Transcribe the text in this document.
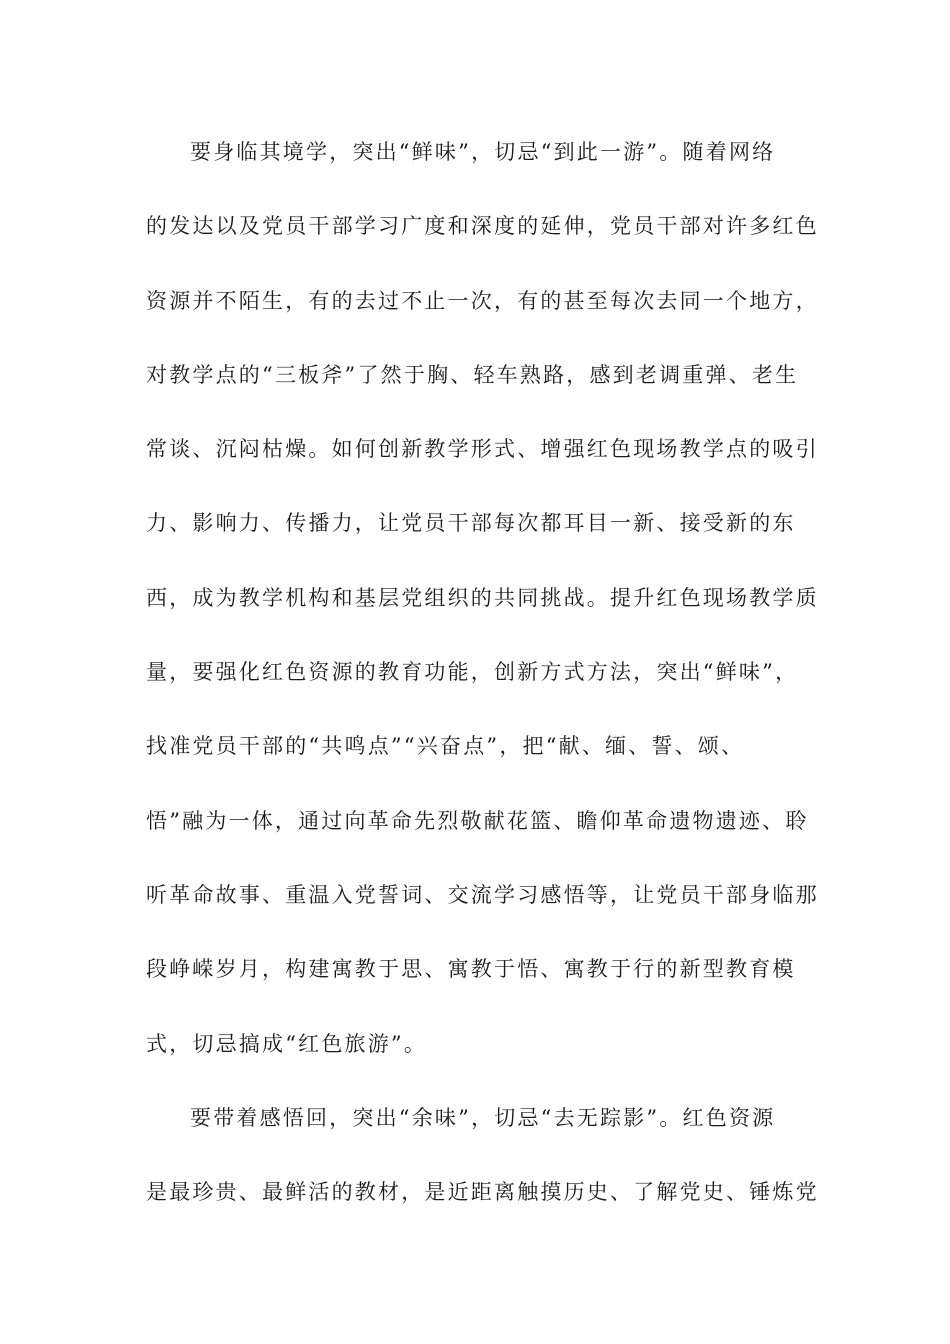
要身临其境学，突出“鲜味”，切忌“到此一游”。随着网络
的发达以及党员干部学习广度和深度的延伸，党员干部对许多红色
资源并不陌生，有的去过不止一次，有的甚至每次去同一个地方，
对教学点的“三板斧”了然于胸、轻车熟路，感到老调重弹、老生
常谈、沉闷枯燥。如何创新教学形式、增强红色现场教学点的吸引
力、影响力、传播力，让党员干部每次都耳目一新、接受新的东
西，成为教学机构和基层党组织的共同挑战。提升红色现场教学质
量，要强化红色资源的教育功能，创新方式方法，突出“鲜味”，
找准党员干部的“共鸣点”“兴奋点”，把“献、缅、誓、颂、
悟”融为一体，通过向革命先烈敬献花篮、瞻仰革命遗物遗迹、聆
听革命故事、重温入党誓词、交流学习感悟等，让党员干部身临那
段峥嵘岁月，构建寓教于思、寓教于悟、寓教于行的新型教育模
式，切忌搞成“红色旅游”。
要带着感悟回，突出“余味”，切忌“去无踪影”。红色资源
是最珍贵、最鲜活的教材，是近距离触摸历史、了解党史、锤炼党
